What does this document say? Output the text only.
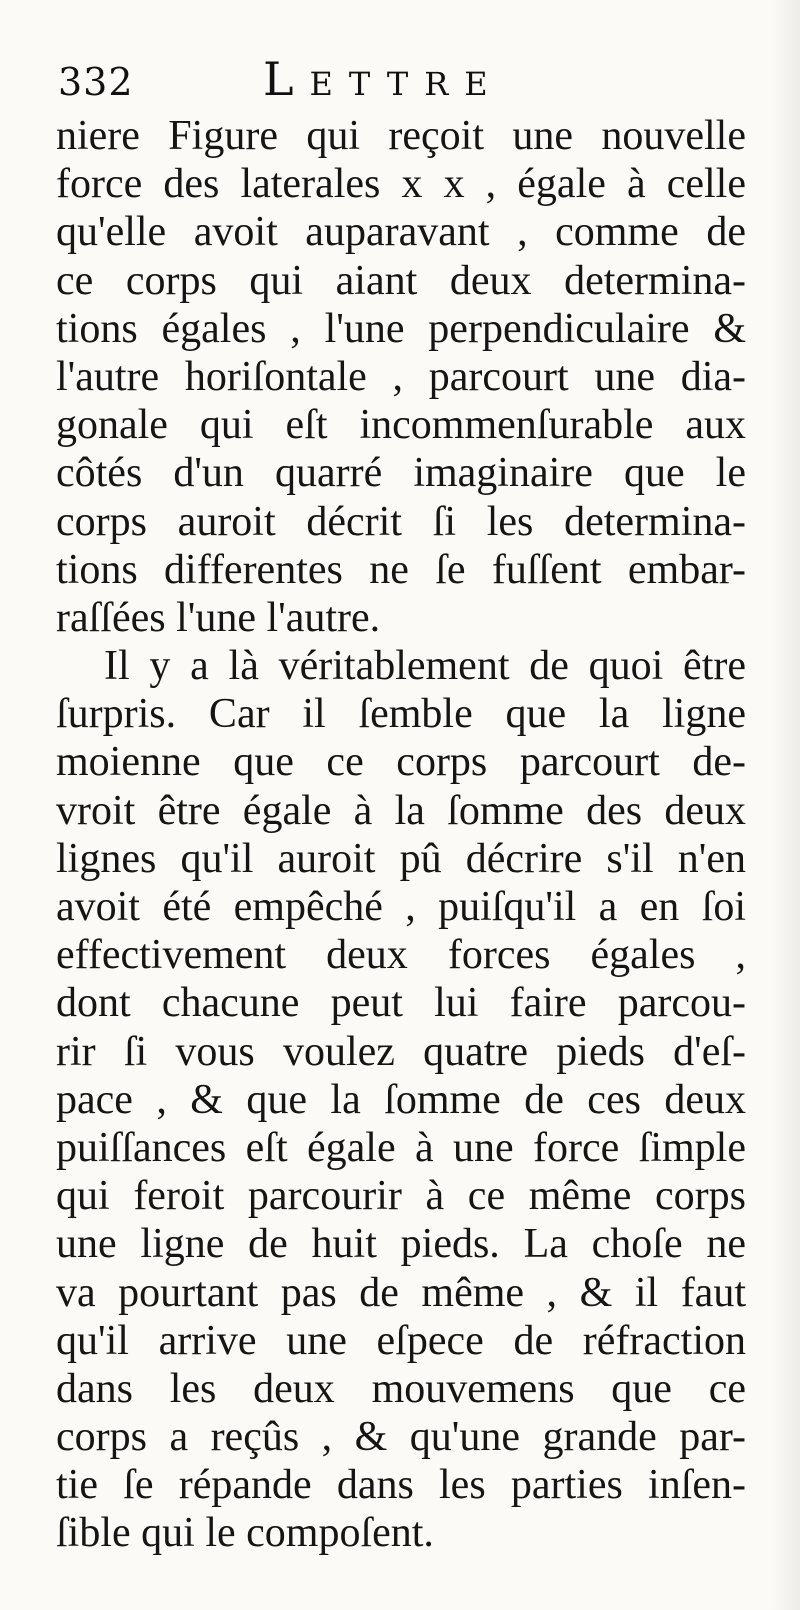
332	Lettre
niere Figure qui reçoit une nouvelle
force des laterales x x , égale à celle
qu'elle avoit auparavant , comme de
ce corps qui aiant deux determina-
tions égales , l'une perpendiculaire &
l'autre horiſontale , parcourt une dia-
gonale qui eſt incommenſurable aux
côtés d'un quarré imaginaire que le
corps auroit décrit ſi les determina-
tions differentes ne ſe fuſſent embar-
raſſées l'une l'autre.
Il y a là véritablement de quoi être
ſurpris. Car il ſemble que la ligne
moienne que ce corps parcourt de-
vroit être égale à la ſomme des deux
lignes qu'il auroit pû décrire s'il n'en
avoit été empêché , puiſqu'il a en ſoi
effectivement deux forces égales ,
dont chacune peut lui faire parcou-
rir ſi vous voulez quatre pieds d'eſ-
pace , & que la ſomme de ces deux
puiſſances eſt égale à une force ſimple
qui feroit parcourir à ce même corps
une ligne de huit pieds. La choſe ne
va pourtant pas de même , & il faut
qu'il arrive une eſpece de réfraction
dans les deux mouvemens que ce
corps a reçûs , & qu'une grande par-
tie ſe répande dans les parties inſen-
ſible qui le compoſent.
